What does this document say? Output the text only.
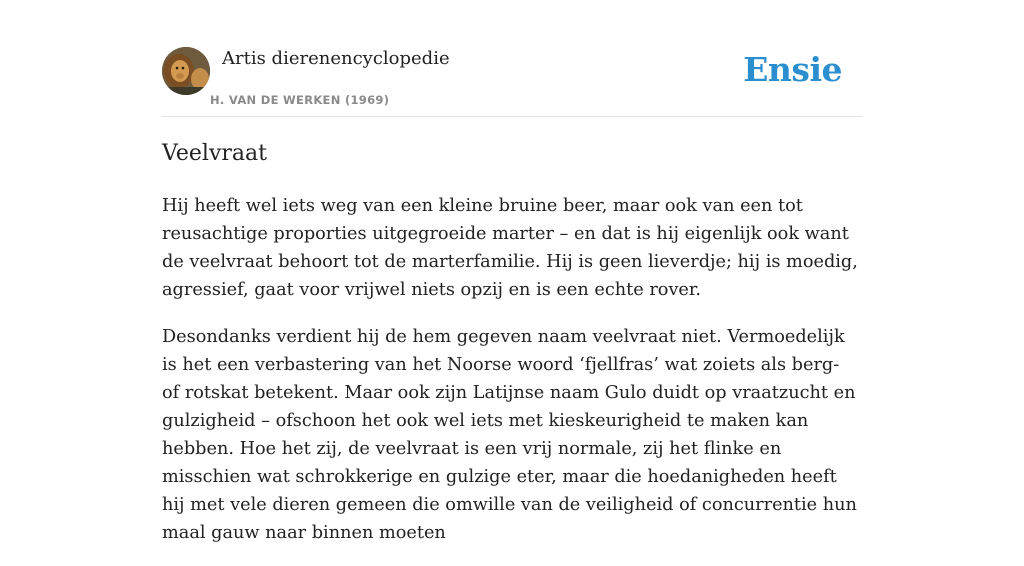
Artis dierenencyclopedie
H. VAN DE WERKEN (1969)
Ensie
Veelvraat

Hij heeft wel iets weg van een kleine bruine beer, maar ook van een tot reusachtige proporties uitgegroeide marter – en dat is hij eigenlijk ook want de veelvraat behoort tot de marterfamilie. Hij is geen lieverdje; hij is moedig, agressief, gaat voor vrijwel niets opzij en is een echte rover.

Desondanks verdient hij de hem gegeven naam veelvraat niet. Vermoedelijk is het een verbastering van het Noorse woord ‘fjellfras’ wat zoiets als berg- of rotskat betekent. Maar ook zijn Latijnse naam Gulo duidt op vraatzucht en gulzigheid – ofschoon het ook wel iets met kieskeurigheid te maken kan hebben. Hoe het zij, de veelvraat is een vrij normale, zij het flinke en misschien wat schrokkerige en gulzige eter, maar die hoedanigheden heeft hij met vele dieren gemeen die omwille van de veiligheid of concurrentie hun maal gauw naar binnen moeten
